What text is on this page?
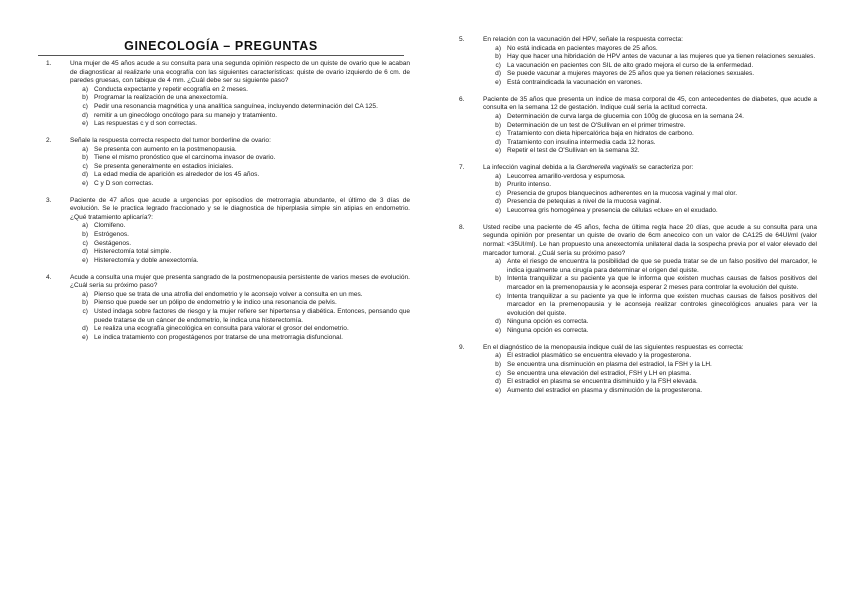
GINECOLOGÍA – PREGUNTAS
1.	Una mujer de 45 años acude a su consulta para una segunda opinión respecto de un quiste de ovario que le acaban de diagnosticar al realizarle una ecografía con las siguientes características: quiste de ovario izquierdo de 6 cm. de paredes gruesas, con tabique de 4 mm. ¿Cuál debe ser su siguiente paso?
a) Conducta expectante y repetir ecografía en 2 meses.
b) Programar la realización de una anexectomía.
c) Pedir una resonancia magnética y una analítica sanguínea, incluyendo determinación del CA 125.
d) remitir a un ginecólogo oncólogo para su manejo y tratamiento.
e) Las respuestas c y d son correctas.
2.	Señale la respuesta correcta respecto del tumor borderline de ovario:
a) Se presenta con aumento en la postmenopausia.
b) Tiene el mismo pronóstico que el carcinoma invasor de ovario.
c) Se presenta generalmente en estadios iniciales.
d) La edad media de aparición es alrededor de los 45 años.
e) C y D son correctas.
3.	Paciente de 47 años que acude a urgencias por episodios de metrorragia abundante, el último de 3 días de evolución. Se le practica legrado fraccionado y se le diagnostica de hiperplasia simple sin atipias en endometrio. ¿Qué tratamiento aplicaría?:
a) Clomifeno.
b) Estrógenos.
c) Gestágenos.
d) Histerectomía total simple.
e) Histerectomía y doble anexectomía.
4.	Acude a consulta una mujer que presenta sangrado de la postmenopausia persistente de varios meses de evolución. ¿Cuál sería su próximo paso?
a) Pienso que se trata de una atrofia del endometrio y le aconsejo volver a consulta en un mes.
b) Pienso que puede ser un pólipo de endometrio y le indico una resonancia de pelvis.
c) Usted indaga sobre factores de riesgo y la mujer refiere ser hipertensa y diabética. Entonces, pensando que puede tratarse de un cáncer de endometrio, le indica una histerectomía.
d) Le realiza una ecografía ginecológica en consulta para valorar el grosor del endometrio.
e) Le indica tratamiento con progestágenos por tratarse de una metrorragia disfuncional.
5.	En relación con la vacunación del HPV, señale la respuesta correcta:
a) No está indicada en pacientes mayores de 25 años.
b) Hay que hacer una hibridación de HPV antes de vacunar a las mujeres que ya tienen relaciones sexuales.
c) La vacunación en pacientes con SIL de alto grado mejora el curso de la enfermedad.
d) Se puede vacunar a mujeres mayores de 25 años que ya tienen relaciones sexuales.
e) Está contraindicada la vacunación en varones.
6.	Paciente de 35 años que presenta un índice de masa corporal de 45, con antecedentes de diabetes, que acude a consulta en la semana 12 de gestación. Indique cuál sería la actitud correcta.
a) Determinación de curva larga de glucemia con 100g de glucosa en la semana 24.
b) Determinación de un test de O'Sullivan en el primer trimestre.
c) Tratamiento con dieta hipercalórica baja en hidratos de carbono.
d) Tratamiento con insulina intermedia cada 12 horas.
e) Repetir el test de O'Sullivan en la semana 32.
7.	La infección vaginal debida a la Gardnerella vaginalis se caracteriza por:
a) Leucorrea amarillo-verdosa y espumosa.
b) Prurito intenso.
c) Presencia de grupos blanquecinos adherentes en la mucosa vaginal y mal olor.
d) Presencia de petequias a nivel de la mucosa vaginal.
e) Leucorrea gris homogénea y presencia de células «clue» en el exudado.
8.	Usted recibe una paciente de 45 años, fecha de última regla hace 20 días, que acude a su consulta para una segunda opinión por presentar un quiste de ovario de 6cm anecoico con un valor de CA125 de 64UI/ml (valor normal: <35UI/ml). Le han propuesto una anexectomía unilateral dada la sospecha previa por el valor elevado del marcador tumoral. ¿Cuál sería su próximo paso?
a) Ante el riesgo de encuentra la posibilidad de que se pueda tratar se de un falso positivo del marcador, le indica igualmente una cirugía para determinar el origen del quiste.
b) Intenta tranquilizar a su paciente ya que le informa que existen muchas causas de falsos positivos del marcador en la premenopausia y le aconseja esperar 2 meses para controlar la evolución del quiste.
c) Intenta tranquilizar a su paciente ya que le informa que existen muchas causas de falsos positivos del marcador en la premenopausia y le aconseja realizar controles ginecológicos anuales para ver la evolución del quiste.
d) Ninguna opción es correcta.
e) Ninguna opción es correcta.
9.	En el diagnóstico de la menopausia indique cuál de las siguientes respuestas es correcta:
a) El estradiol plasmático se encuentra elevado y la progesterona.
b) Se encuentra una disminución en plasma del estradiol, la FSH y la LH.
c) Se encuentra una elevación del estradiol, FSH y LH en plasma.
d) El estradiol en plasma se encuentra disminuido y la FSH elevada.
e) Aumento del estradiol en plasma y disminución de la progesterona.
